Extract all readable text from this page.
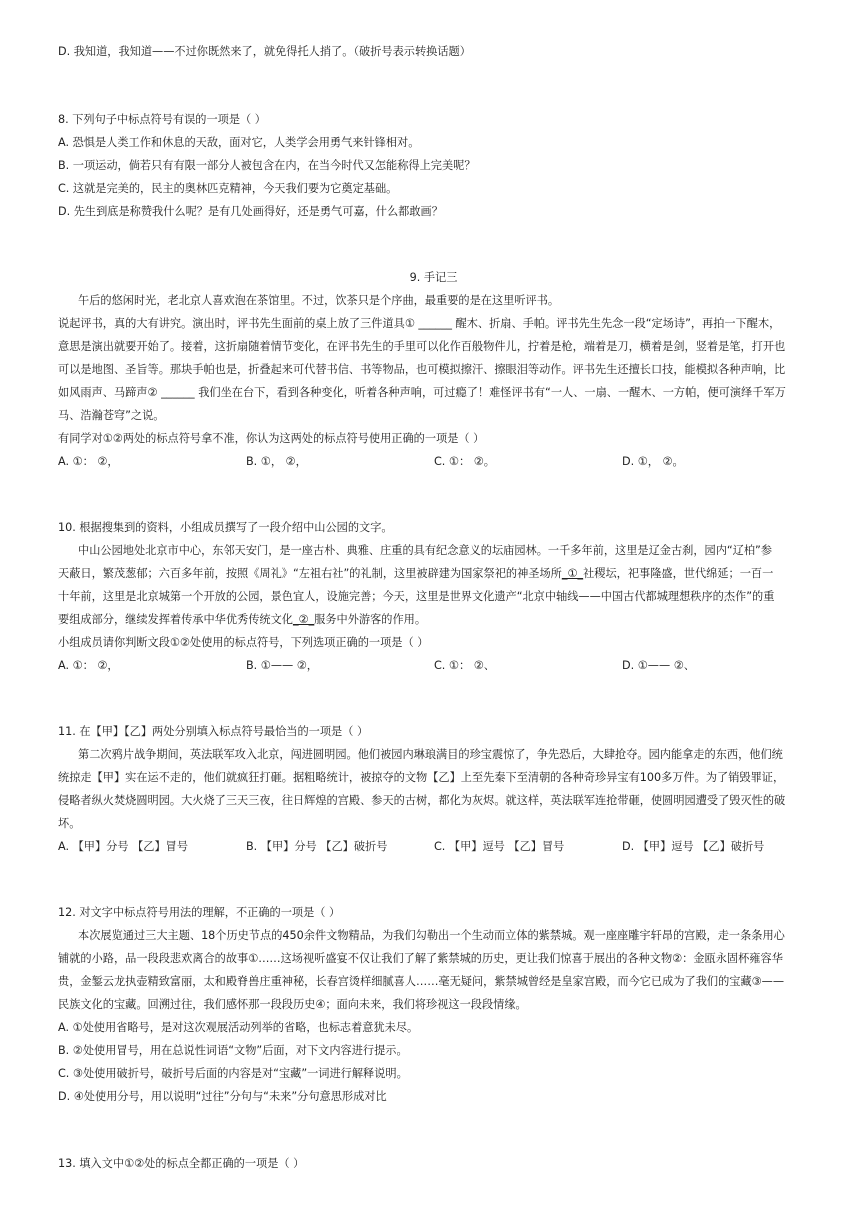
D. 我知道，我知道——不过你既然来了，就免得托人捎了。（破折号表示转换话题）
8. 下列句子中标点符号有误的一项是（ ）
A. 恐惧是人类工作和休息的天敌，面对它，人类学会用勇气来针锋相对。
B. 一项运动，倘若只有有限一部分人被包含在内，在当今时代又怎能称得上完美呢？
C. 这就是完美的，民主的奥林匹克精神，今天我们要为它奠定基础。
D. 先生到底是称赞我什么呢？是有几处画得好，还是勇气可嘉，什么都敢画？
9. 手记三
午后的悠闲时光，老北京人喜欢泡在茶馆里。不过，饮茶只是个序曲，最重要的是在这里听评书。
说起评书，真的大有讲究。演出时，评书先生面前的桌上放了三件道具① ______ 醒木、折扇、手帕。评书先生先念一段“定场诗”，再拍一下醒木，
意思是演出就要开始了。接着，这折扇随着情节变化，在评书先生的手里可以化作百般物件儿，拧着是枪，端着是刀，横着是剑，竖着是笔，打开也
可以是地图、圣旨等。那块手帕也是，折叠起来可代替书信、书等物品，也可模拟擦汗、擦眼泪等动作。评书先生还擅长口技，能模拟各种声响，比
如风雨声、马蹄声② ______ 我们坐在台下，看到各种变化，听着各种声响，可过瘾了！难怪评书有“一人、一扇、一醒木、一方帕，便可演绎千军万
马、浩瀚苍穹”之说。
有同学对①②两处的标点符号拿不准，你认为这两处的标点符号使用正确的一项是（ ）
A. ①： ②，	B. ①， ②，	C. ①： ②。	D. ①， ②。
10. 根据搜集到的资料，小组成员撰写了一段介绍中山公园的文字。
中山公园地处北京市中心，东邻天安门，是一座古朴、典雅、庄重的具有纪念意义的坛庙园林。一千多年前，这里是辽金古刹，园内“辽柏”参
天蔽日，繁茂葱郁；六百多年前，按照《周礼》“左祖右社”的礼制，这里被辟建为国家祭祀的神圣场所_①_社稷坛，祀事隆盛，世代绵延；一百一
十年前，这里是北京城第一个开放的公园，景色宜人，设施完善；今天，这里是世界文化遗产“北京中轴线——中国古代都城理想秩序的杰作”的重
要组成部分，继续发挥着传承中华优秀传统文化_②_服务中外游客的作用。
小组成员请你判断文段①②处使用的标点符号，下列选项正确的一项是（ ）
A. ①： ②，	B. ①—— ②，	C. ①： ②、	D. ①—— ②、
11. 在【甲】【乙】两处分别填入标点符号最恰当的一项是（ ）
第二次鸦片战争期间，英法联军攻入北京，闯进圆明园。他们被园内琳琅满目的珍宝震惊了，争先恐后，大肆抢夺。园内能拿走的东西，他们统
统掠走【甲】实在运不走的，他们就疯狂打砸。据粗略统计，被掠夺的文物【乙】上至先秦下至清朝的各种奇珍异宝有100多万件。为了销毁罪证，
侵略者纵火焚烧圆明园。大火烧了三天三夜，往日辉煌的宫殿、参天的古树，都化为灰烬。就这样，英法联军连抢带砸，使圆明园遭受了毁灭性的破
坏。
A. 【甲】分号 【乙】冒号	B. 【甲】分号 【乙】破折号	C. 【甲】逗号 【乙】冒号	D. 【甲】逗号 【乙】破折号
12. 对文字中标点符号用法的理解，不正确的一项是（ ）
本次展览通过三大主题、18个历史节点的450余件文物精品，为我们勾勒出一个生动而立体的紫禁城。观一座座雕宇轩昂的宫殿，走一条条用心
铺就的小路，品一段段悲欢离合的故事①……这场视听盛宴不仅让我们了解了紫禁城的历史，更让我们惊喜于展出的各种文物②：金瓯永固杯雍容华
贵，金錾云龙执壶精致富丽，太和殿脊兽庄重神秘，长春宫烫样细腻喜人……毫无疑问，紫禁城曾经是皇家宫殿，而今它已成为了我们的宝藏③——
民族文化的宝藏。回溯过往，我们感怀那一段段历史④；面向未来，我们将珍视这一段段情缘。
A. ①处使用省略号，是对这次观展活动列举的省略，也标志着意犹未尽。
B. ②处使用冒号，用在总说性词语“文物”后面，对下文内容进行提示。
C. ③处使用破折号，破折号后面的内容是对“宝藏”一词进行解释说明。
D. ④处使用分号，用以说明“过往”分句与“未来”分句意思形成对比
13. 填入文中①②处的标点全都正确的一项是（ ）
